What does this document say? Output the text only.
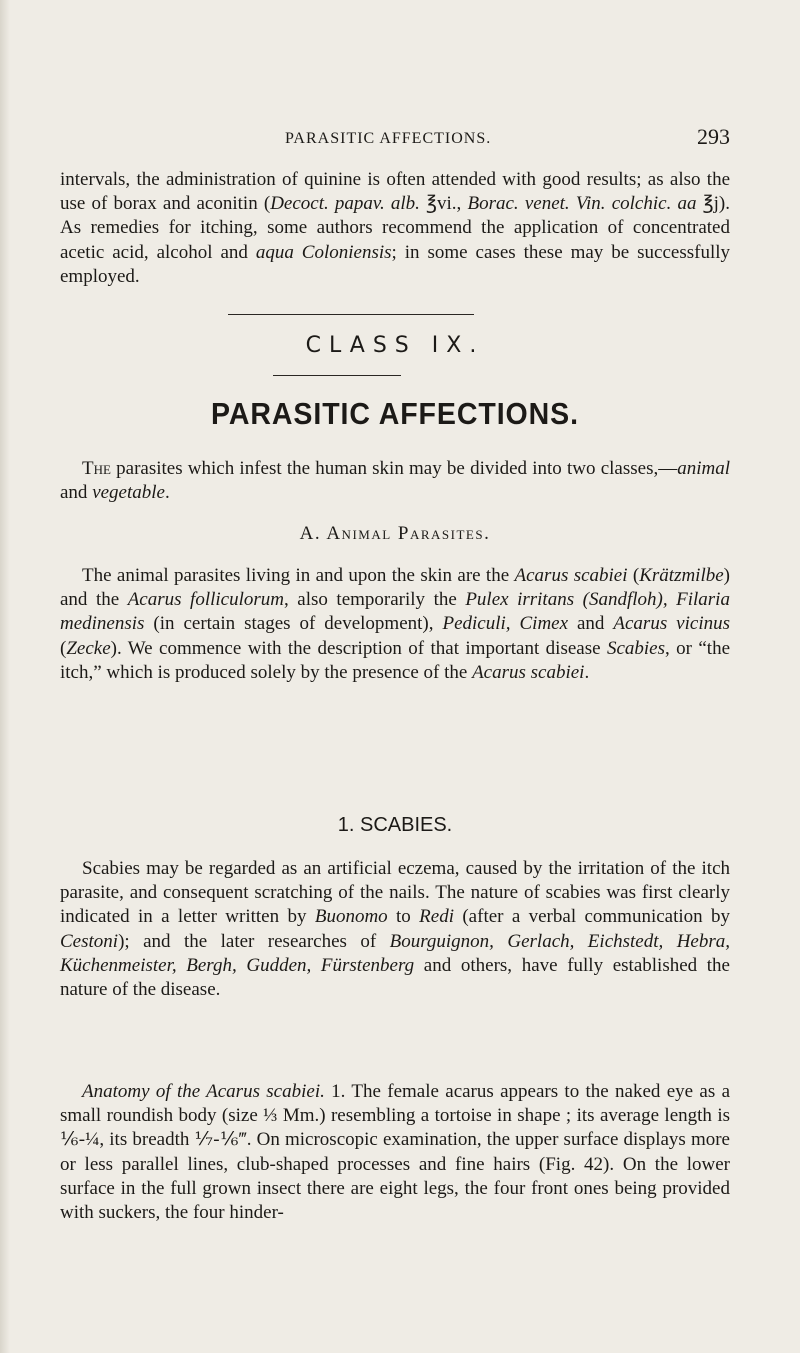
PARASITIC AFFECTIONS.	293

intervals, the administration of quinine is often attended with good results; as also the use of borax and aconitin (Decoct. papav. alb. ℥vi., Borac. venet. Vin. colchic. aa ℥j). As remedies for itching, some authors recommend the application of concentrated acetic acid, alcohol and aqua Coloniensis; in some cases these may be successfully employed.

CLASS IX.
PARASITIC AFFECTIONS.

The parasites which infest the human skin may be divided into two classes,—animal and vegetable.

A. Animal Parasites.

The animal parasites living in and upon the skin are the Acarus scabiei (Krätzmilbe) and the Acarus folliculorum, also temporarily the Pulex irritans (Sandfloh), Filaria medinensis (in certain stages of development), Pediculi, Cimex and Acarus vicinus (Zecke). We commence with the description of that important disease Scabies, or “the itch,” which is produced solely by the presence of the Acarus scabiei.

1. SCABIES.

Scabies may be regarded as an artificial eczema, caused by the irritation of the itch parasite, and consequent scratching of the nails. The nature of scabies was first clearly indicated in a letter written by Buonomo to Redi (after a verbal communication by Cestoni); and the later researches of Bourguignon, Gerlach, Eichstedt, Hebra, Küchenmeister, Bergh, Gudden, Fürstenberg and others, have fully established the nature of the disease.

Anatomy of the Acarus scabiei. 1. The female acarus appears to the naked eye as a small roundish body (size ⅓ Mm.) resembling a tortoise in shape ; its average length is ⅙-¼, its breadth ⅐-⅙‴. On microscopic examination, the upper surface displays more or less parallel lines, club-shaped processes and fine hairs (Fig. 42). On the lower surface in the full grown insect there are eight legs, the four front ones being provided with suckers, the four hinder-
